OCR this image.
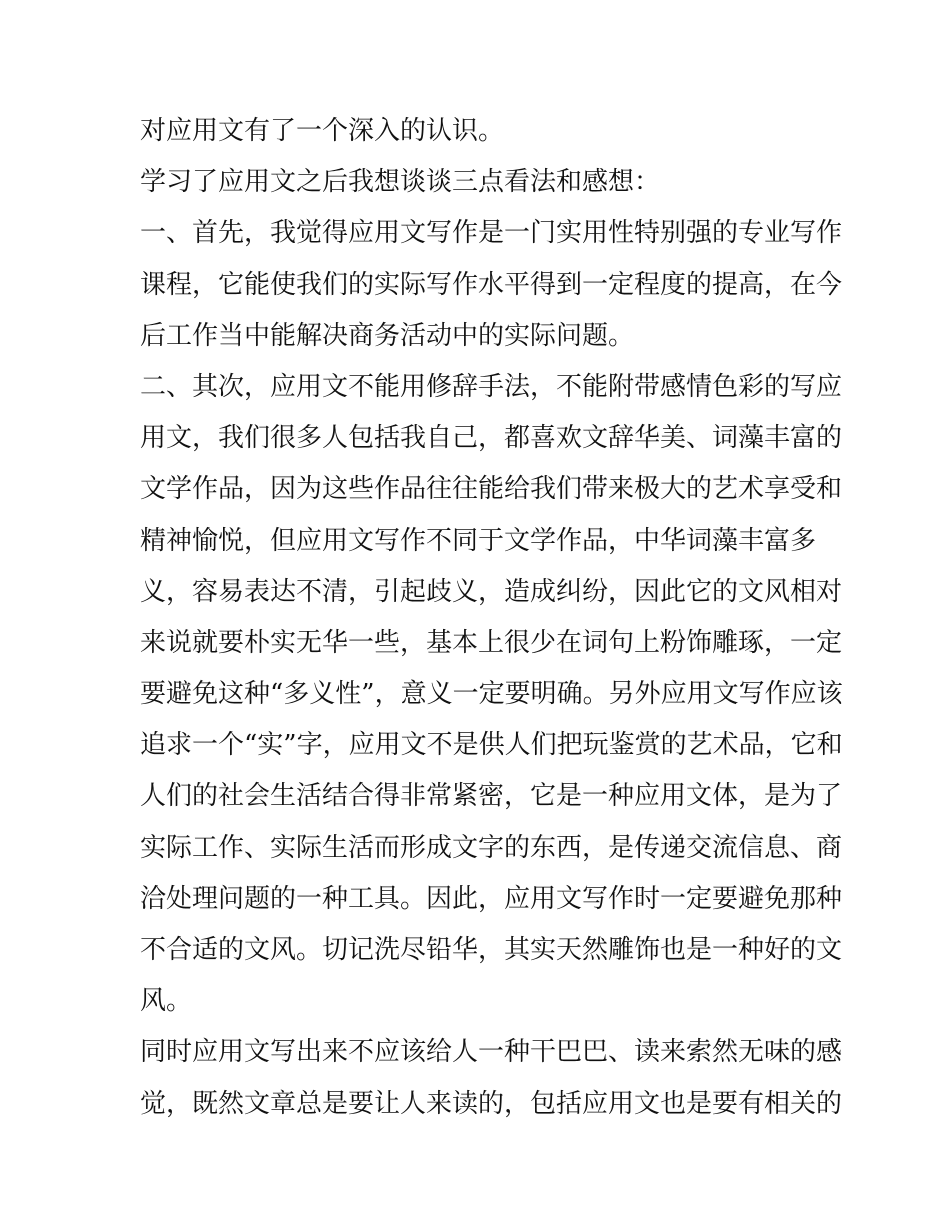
对应用文有了一个深入的认识。
学习了应用文之后我想谈谈三点看法和感想：
一、首先，我觉得应用文写作是一门实用性特别强的专业写作
课程，它能使我们的实际写作水平得到一定程度的提高，在今
后工作当中能解决商务活动中的实际问题。
二、其次，应用文不能用修辞手法，不能附带感情色彩的写应
用文，我们很多人包括我自己，都喜欢文辞华美、词藻丰富的
文学作品，因为这些作品往往能给我们带来极大的艺术享受和
精神愉悦，但应用文写作不同于文学作品，中华词藻丰富多
义，容易表达不清，引起歧义，造成纠纷，因此它的文风相对
来说就要朴实无华一些，基本上很少在词句上粉饰雕琢，一定
要避免这种“多义性”，意义一定要明确。另外应用文写作应该
追求一个“实”字，应用文不是供人们把玩鉴赏的艺术品，它和
人们的社会生活结合得非常紧密，它是一种应用文体，是为了
实际工作、实际生活而形成文字的东西，是传递交流信息、商
洽处理问题的一种工具。因此，应用文写作时一定要避免那种
不合适的文风。切记洗尽铅华，其实天然雕饰也是一种好的文
风。
同时应用文写出来不应该给人一种干巴巴、读来索然无味的感
觉，既然文章总是要让人来读的，包括应用文也是要有相关的
